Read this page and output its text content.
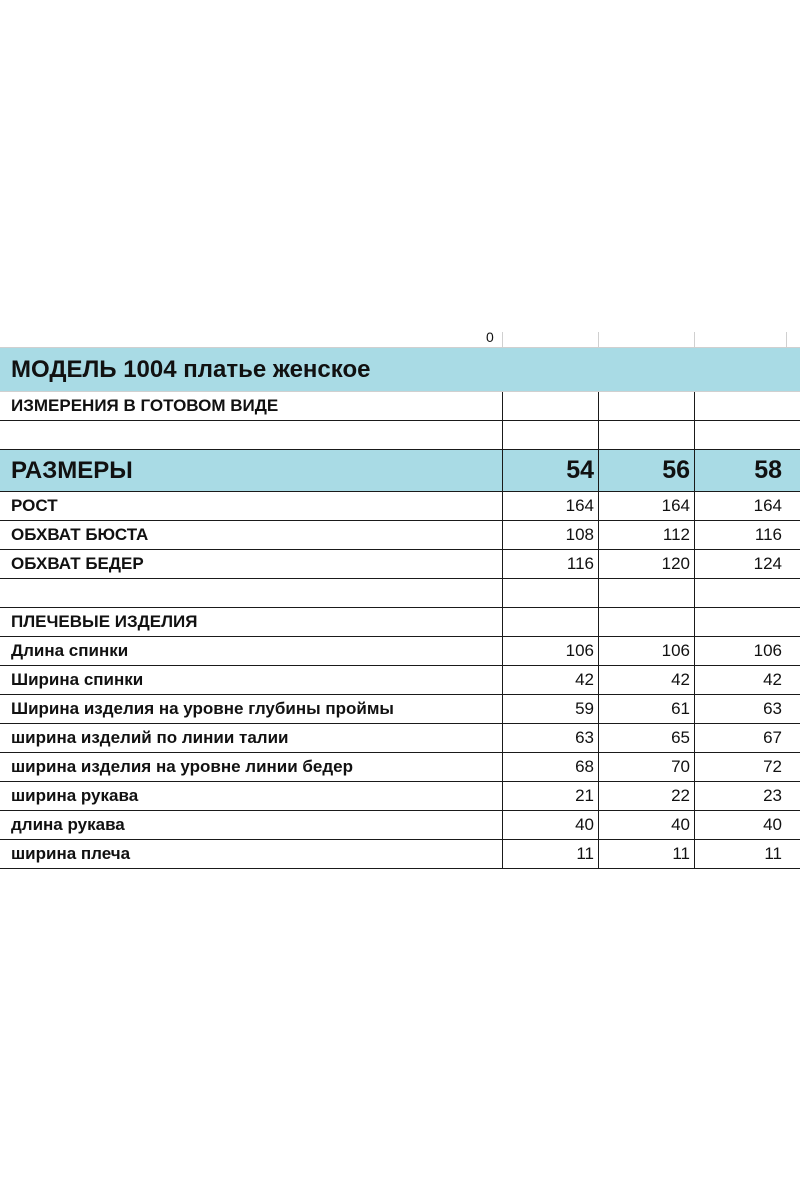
0
МОДЕЛЬ 1004 платье женское
ИЗМЕРЕНИЯ В ГОТОВОМ ВИДЕ
РАЗМЕРЫ	54	56	58
РОСТ	164	164	164
ОБХВАТ БЮСТА	108	112	116
ОБХВАТ БЕДЕР	116	120	124
ПЛЕЧЕВЫЕ ИЗДЕЛИЯ
Длина спинки	106	106	106
Ширина спинки	42	42	42
Ширина изделия на уровне глубины проймы	59	61	63
ширина изделий по линии талии	63	65	67
ширина изделия на уровне линии бедер	68	70	72
ширина рукава	21	22	23
длина рукава	40	40	40
ширина плеча	11	11	11
